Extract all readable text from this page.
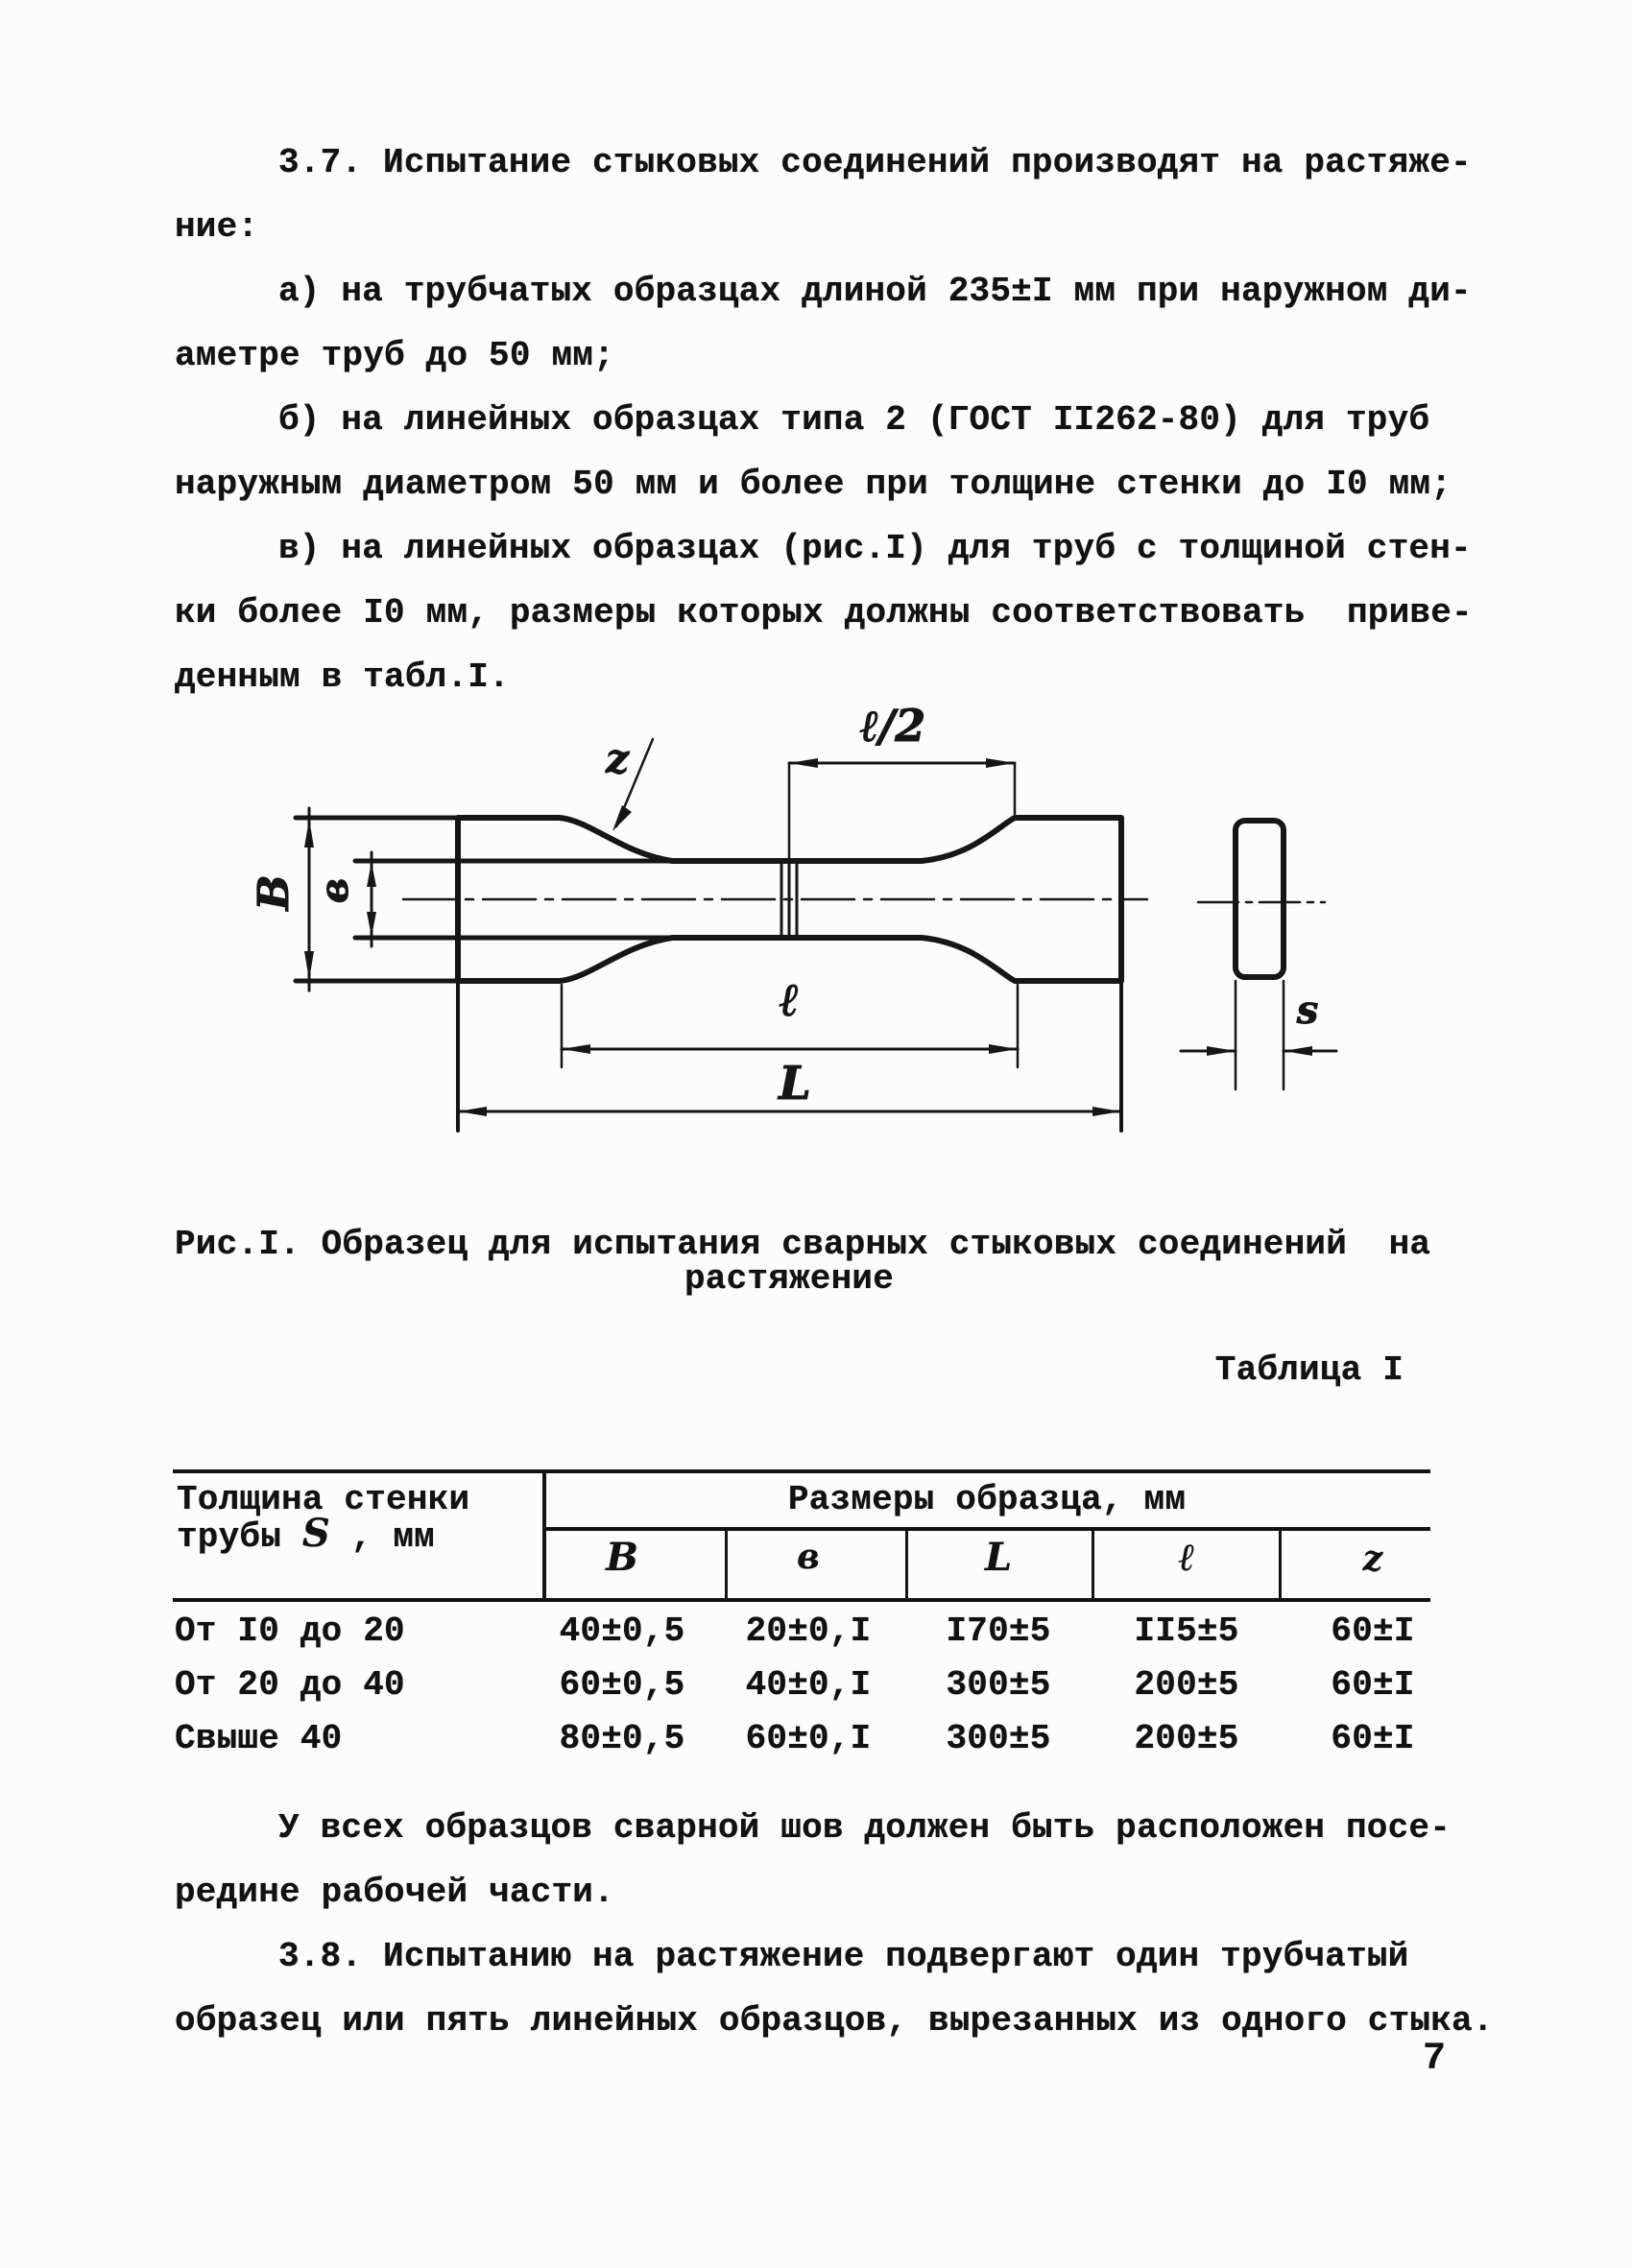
3.7. Испытание стыковых соединений производят на растяже-
ние:
а) на трубчатых образцах длиной 235±I мм при наружном ди-
аметре труб до 50 мм;
б) на линейных образцах типа 2 (ГОСТ II262-80) для труб
наружным диаметром 50 мм и более при толщине стенки до I0 мм;
в) на линейных образцах (рис.I) для труб с толщиной стен-
ки более I0 мм, размеры которых должны соответствовать  приве-
денным в табл.I.
B в
ℓ/2
z
ℓ
L
s
Рис.I. Образец для испытания сварных стыковых соединений  на
растяжение
Таблица I
Толщина стенки
трубы S , мм
Размеры образца, мм
B	в	L	ℓ	z
От I0 до 20	40±0,5 20±0,I I70±5 II5±5	60±I
От 20 до 40	60±0,5 40±0,I 300±5 200±5	60±I
Свыше 40	80±0,5 60±0,I 300±5 200±5	60±I
У всех образцов сварной шов должен быть расположен посе-
редине рабочей части.
3.8. Испытанию на растяжение подвергают один трубчатый
образец или пять линейных образцов, вырезанных из одного стыка.
7
